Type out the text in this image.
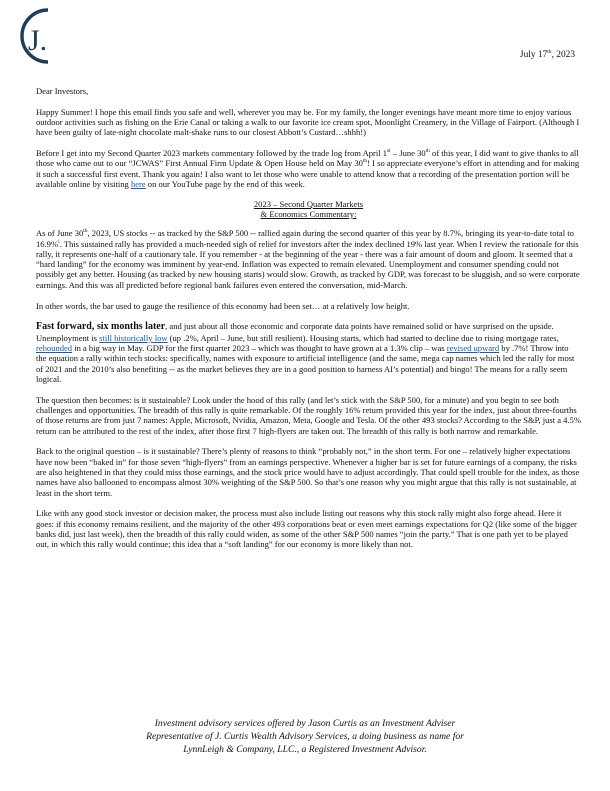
J.	July 17th, 2023

Dear Investors,

Happy Summer! I hope this email finds you safe and well, wherever you may be. For my family, the longer evenings have meant more time to enjoy various outdoor activities such as fishing on the Erie Canal or taking a walk to our favorite ice cream spot, Moonlight Creamery, in the Village of Fairport. (Although I have been guilty of late-night chocolate malt-shake runs to our closest Abbott’s Custard…shhh!)

Before I get into my Second Quarter 2023 markets commentary followed by the trade log from April 1st – June 30th of this year, I did want to give thanks to all those who came out to our “JCWAS” First Annual Firm Update & Open House held on May 30th! I so appreciate everyone’s effort in attending and for making it such a successful first event. Thank you again! I also want to let those who were unable to attend know that a recording of the presentation portion will be available online by visiting here on our YouTube page by the end of this week.

2023 – Second Quarter Markets
& Economics Commentary:

As of June 30th, 2023, US stocks -- as tracked by the S&P 500 -- rallied again during the second quarter of this year by 8.7%, bringing its year-to-date total to 16.9%$^i$. This sustained rally has provided a much-needed sigh of relief for investors after the index declined 19% last year. When I review the rationale for this rally, it represents one-half of a cautionary tale. If you remember - at the beginning of the year - there was a fair amount of doom and gloom. It seemed that a “hard landing” for the economy was imminent by year-end. Inflation was expected to remain elevated. Unemployment and consumer spending could not possibly get any better. Housing (as tracked by new housing starts) would slow. Growth, as tracked by GDP, was forecast to be sluggish, and so were corporate earnings. And this was all predicted before regional bank failures even entered the conversation, mid-March.

In other words, the bar used to gauge the resilience of this economy had been set… at a relatively low height.

Fast forward, six months later, and just about all those economic and corporate data points have remained solid or have surprised on the upside. Unemployment is still historically low (up .2%, April – June, but still resilient). Housing starts, which had started to decline due to rising mortgage rates, rebounded in a big way in May. GDP for the first quarter 2023 – which was thought to have grown at a 1.3% clip – was revised upward by .7%! Throw into the equation a rally within tech stocks: specifically, names with exposure to artificial intelligence (and the same, mega cap names which led the rally for most of 2021 and the 2010’s also benefiting -- as the market believes they are in a good position to harness AI’s potential) and bingo! The means for a rally seem logical.

The question then becomes: is it sustainable? Look under the hood of this rally (and let’s stick with the S&P 500, for a minute) and you begin to see both challenges and opportunities. The breadth of this rally is quite remarkable. Of the roughly 16% return provided this year for the index, just about three-fourths of those returns are from just 7 names: Apple, Microsoft, Nvidia, Amazon, Meta, Google and Tesla. Of the other 493 stocks? According to the S&P, just a 4.5% return can be attributed to the rest of the index, after those first 7 high-flyers are taken out. The breadth of this rally is both narrow and remarkable.

Back to the original question – is it sustainable? There’s plenty of reasons to think “probably not,” in the short term. For one – relatively higher expectations have now been “baked in” for those seven “high-flyers” from an earnings perspective. Whenever a higher bar is set for future earnings of a company, the risks are also heightened in that they could miss those earnings, and the stock price would have to adjust accordingly. That could spell trouble for the index, as those names have also ballooned to encompass almost 30% weighting of the S&P 500. So that’s one reason why you might argue that this rally is not sustainable, at least in the short term.

Like with any good stock investor or decision maker, the process must also include listing out reasons why this stock rally might also forge ahead. Here it goes: if this economy remains resilient, and the majority of the other 493 corporations beat or even meet earnings expectations for Q2 (like some of the bigger banks did, just last week), then the breadth of this rally could widen, as some of the other S&P 500 names “join the party.” That is one path yet to be played out, in which this rally would continue; this idea that a “soft landing” for our economy is more likely than not.

Investment advisory services offered by Jason Curtis as an Investment Adviser
Representative of J. Curtis Wealth Advisory Services, a doing business as name for
LynnLeigh & Company, LLC., a Registered Investment Advisor.
